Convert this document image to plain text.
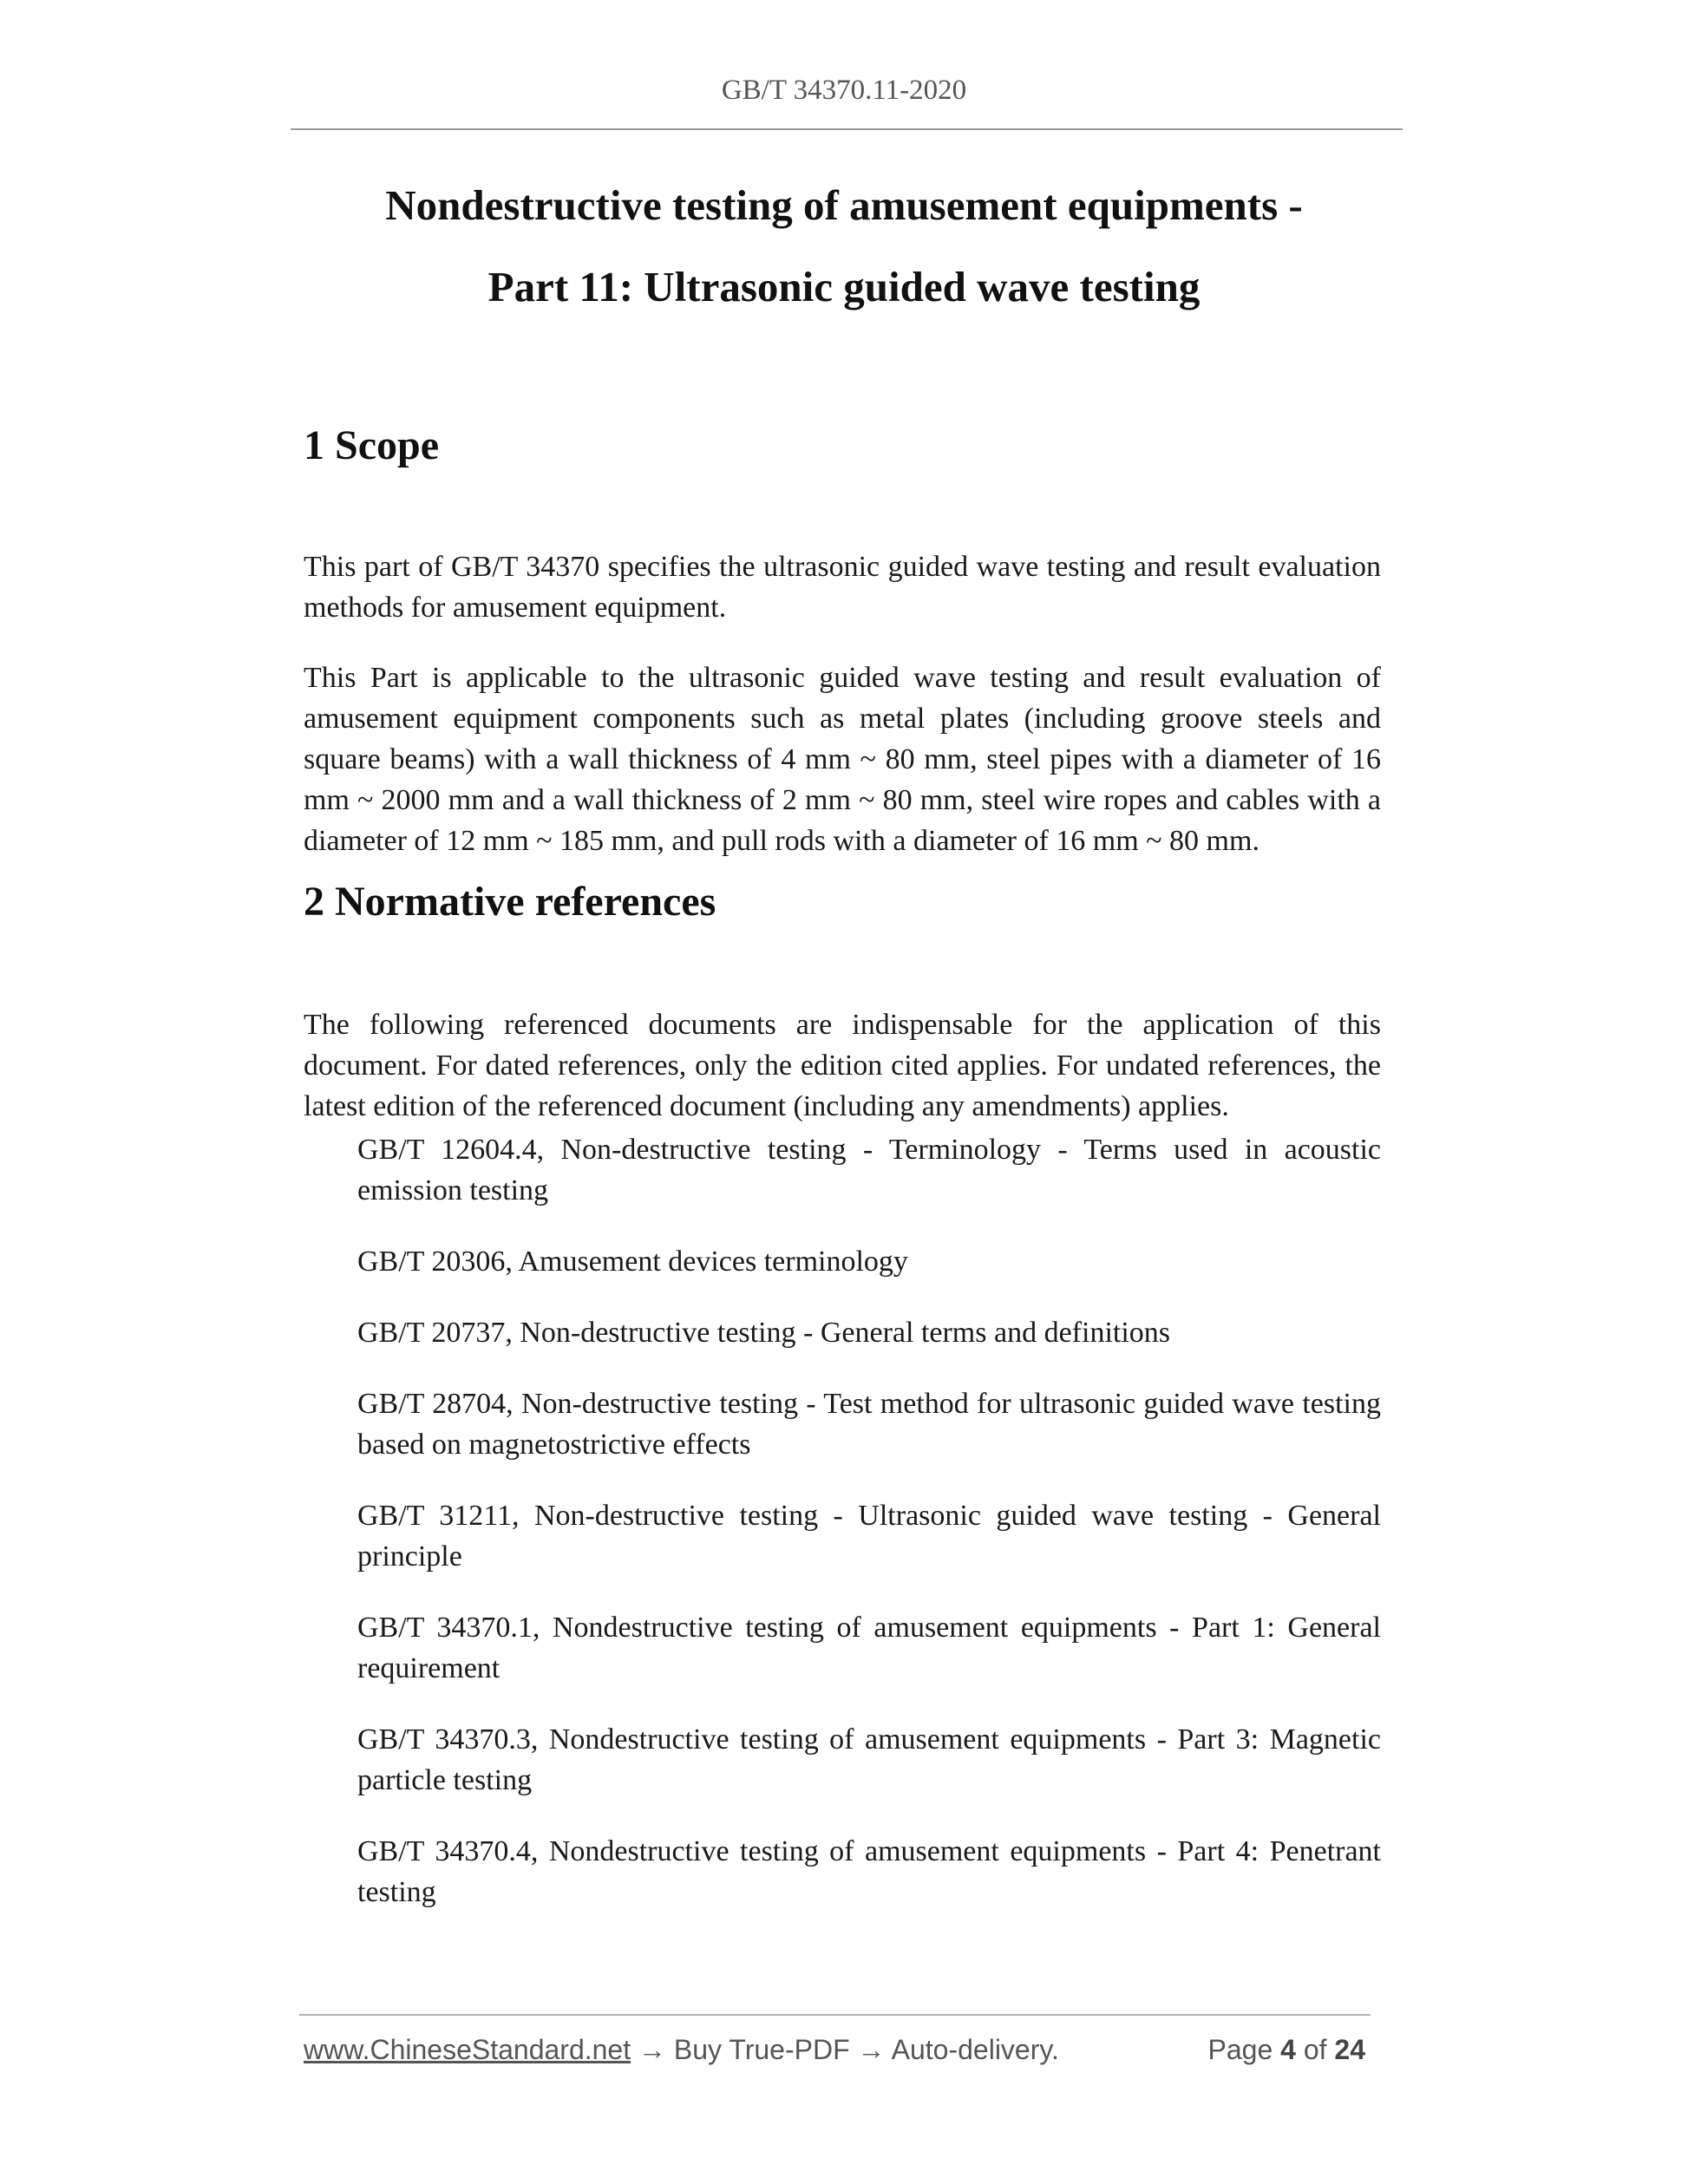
GB/T 34370.11-2020
Nondestructive testing of amusement equipments -
Part 11: Ultrasonic guided wave testing
1 Scope

This part of GB/T 34370 specifies the ultrasonic guided wave testing and result evaluation methods for amusement equipment.

This Part is applicable to the ultrasonic guided wave testing and result evaluation of amusement equipment components such as metal plates (including groove steels and square beams) with a wall thickness of 4 mm ~ 80 mm, steel pipes with a diameter of 16 mm ~ 2000 mm and a wall thickness of 2 mm ~ 80 mm, steel wire ropes and cables with a diameter of 12 mm ~ 185 mm, and pull rods with a diameter of 16 mm ~ 80 mm.

2 Normative references

The following referenced documents are indispensable for the application of this document. For dated references, only the edition cited applies. For undated references, the latest edition of the referenced document (including any amendments) applies.

GB/T 12604.4, Non-destructive testing - Terminology - Terms used in acoustic emission testing
GB/T 20306, Amusement devices terminology
GB/T 20737, Non-destructive testing - General terms and definitions
GB/T 28704, Non-destructive testing - Test method for ultrasonic guided wave testing based on magnetostrictive effects
GB/T 31211, Non-destructive testing - Ultrasonic guided wave testing - General principle
GB/T 34370.1, Nondestructive testing of amusement equipments - Part 1: General requirement
GB/T 34370.3, Nondestructive testing of amusement equipments - Part 3: Magnetic particle testing
GB/T 34370.4, Nondestructive testing of amusement equipments - Part 4: Penetrant testing
www.ChineseStandard.net → Buy True-PDF → Auto-delivery.	Page 4 of 24
